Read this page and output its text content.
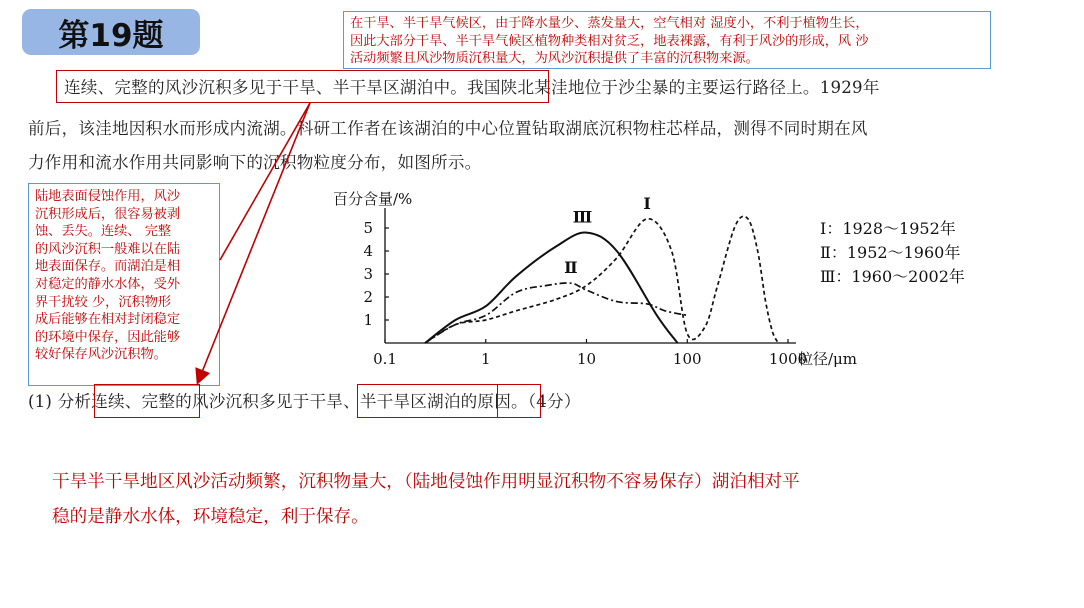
第19题	在干旱、半干旱气候区，由于降水量少、蒸发量大，空气相对 湿度小，不利于植物生长，
因此大部分干旱、半干旱气候区植物种类相对贫乏，地表裸露，有利于风沙的形成，风 沙
活动频繁且风沙物质沉积量大，为风沙沉积提供了丰富的沉积物来源。
陆地表面侵蚀作用，风沙
沉积形成后，很容易被剥
蚀、丢失。连续、 完整
的风沙沉积一般难以在陆
地表面保存。而湖泊是相
对稳定的静水水体，受外
界干扰较 少，沉积物形
成后能够在相对封闭稳定
的环境中保存，因此能够
较好保存风沙沉积物。
连续、完整的风沙沉积多见于干旱、半干旱区湖泊中。我国陕北某洼地位于沙尘暴的主要运行路径上。1929年
前后，该洼地因积水而形成内流湖。科研工作者在该湖泊的中心位置钻取湖底沉积物柱芯样品，测得不同时期在风
力作用和流水作用共同影响下的沉积物粒度分布，如图所示。
0.1	1	10	100	1000
1
2
3
4
5
百分含量/%
粒径/μm
Ⅲ
Ⅱ
Ⅰ
Ⅰ：1928～1952年
Ⅱ：1952～1960年
Ⅲ：1960～2002年
(1) 分析连续、完整的风沙沉积多见于干旱、半干旱区湖泊的原因。（4分）
干旱半干旱地区风沙活动频繁，沉积物量大，（陆地侵蚀作用明显沉积物不容易保存）湖泊相对平
稳的是静水水体，环境稳定，利于保存。
